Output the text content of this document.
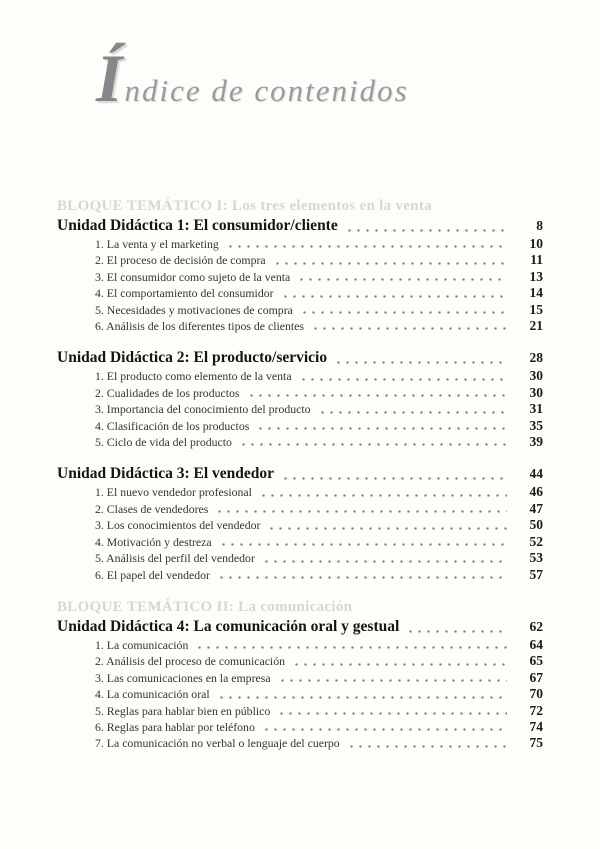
Í ndice de contenidos
BLOQUE TEMÁTICO I: Los tres elementos en la venta
Unidad Didáctica 1: El consumidor/cliente	8
1. La venta y el marketing	10
2. El proceso de decisión de compra	11
3. El consumidor como sujeto de la venta	13
4. El comportamiento del consumidor	14
5. Necesidades y motivaciones de compra	15
6. Análisis de los diferentes tipos de clientes	21
Unidad Didáctica 2: El producto/servicio	28
1. El producto como elemento de la venta	30
2. Cualidades de los productos	30
3. Importancia del conocimiento del producto	31
4. Clasificación de los productos	35
5. Ciclo de vida del producto	39
Unidad Didáctica 3: El vendedor	44
1. El nuevo vendedor profesional	46
2. Clases de vendedores	47
3. Los conocimientos del vendedor	50
4. Motivación y destreza	52
5. Análisis del perfil del vendedor	53
6. El papel del vendedor	57
BLOQUE TEMÁTICO II: La comunicación
Unidad Didáctica 4: La comunicación oral y gestual	62
1. La comunicación	64
2. Análisis del proceso de comunicación	65
3. Las comunicaciones en la empresa	67
4. La comunicación oral	70
5. Reglas para hablar bien en público	72
6. Reglas para hablar por teléfono	74
7. La comunicación no verbal o lenguaje del cuerpo	75
